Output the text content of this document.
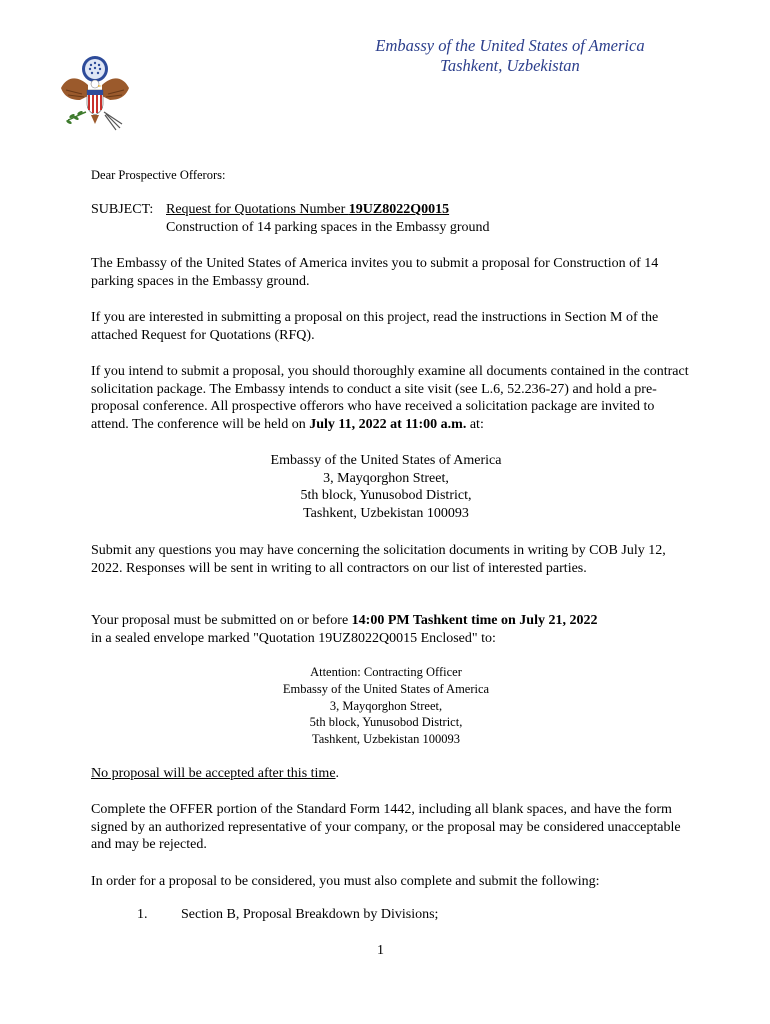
Embassy of the United States of America
Tashkent, Uzbekistan
Dear Prospective Offerors:
SUBJECT: Request for Quotations Number 19UZ8022Q0015
Construction of 14 parking spaces in the Embassy ground
The Embassy of the United States of America invites you to submit a proposal for Construction of 14 parking spaces in the Embassy ground.
If you are interested in submitting a proposal on this project, read the instructions in Section M of the attached Request for Quotations (RFQ).
If you intend to submit a proposal, you should thoroughly examine all documents contained in the contract solicitation package. The Embassy intends to conduct a site visit (see L.6, 52.236-27) and hold a pre-proposal conference. All prospective offerors who have received a solicitation package are invited to attend. The conference will be held on July 11, 2022 at 11:00 a.m. at:
Embassy of the United States of America
3, Mayqorghon Street,
5th block, Yunusobod District,
Tashkent, Uzbekistan 100093
Submit any questions you may have concerning the solicitation documents in writing by COB July 12, 2022. Responses will be sent in writing to all contractors on our list of interested parties.
Your proposal must be submitted on or before 14:00 PM Tashkent time on July 21, 2022
in a sealed envelope marked "Quotation 19UZ8022Q0015 Enclosed" to:
Attention: Contracting Officer
Embassy of the United States of America
3, Mayqorghon Street,
5th block, Yunusobod District,
Tashkent, Uzbekistan 100093
No proposal will be accepted after this time.
Complete the OFFER portion of the Standard Form 1442, including all blank spaces, and have the form signed by an authorized representative of your company, or the proposal may be considered unacceptable and may be rejected.
In order for a proposal to be considered, you must also complete and submit the following:
1. Section B, Proposal Breakdown by Divisions;
1
